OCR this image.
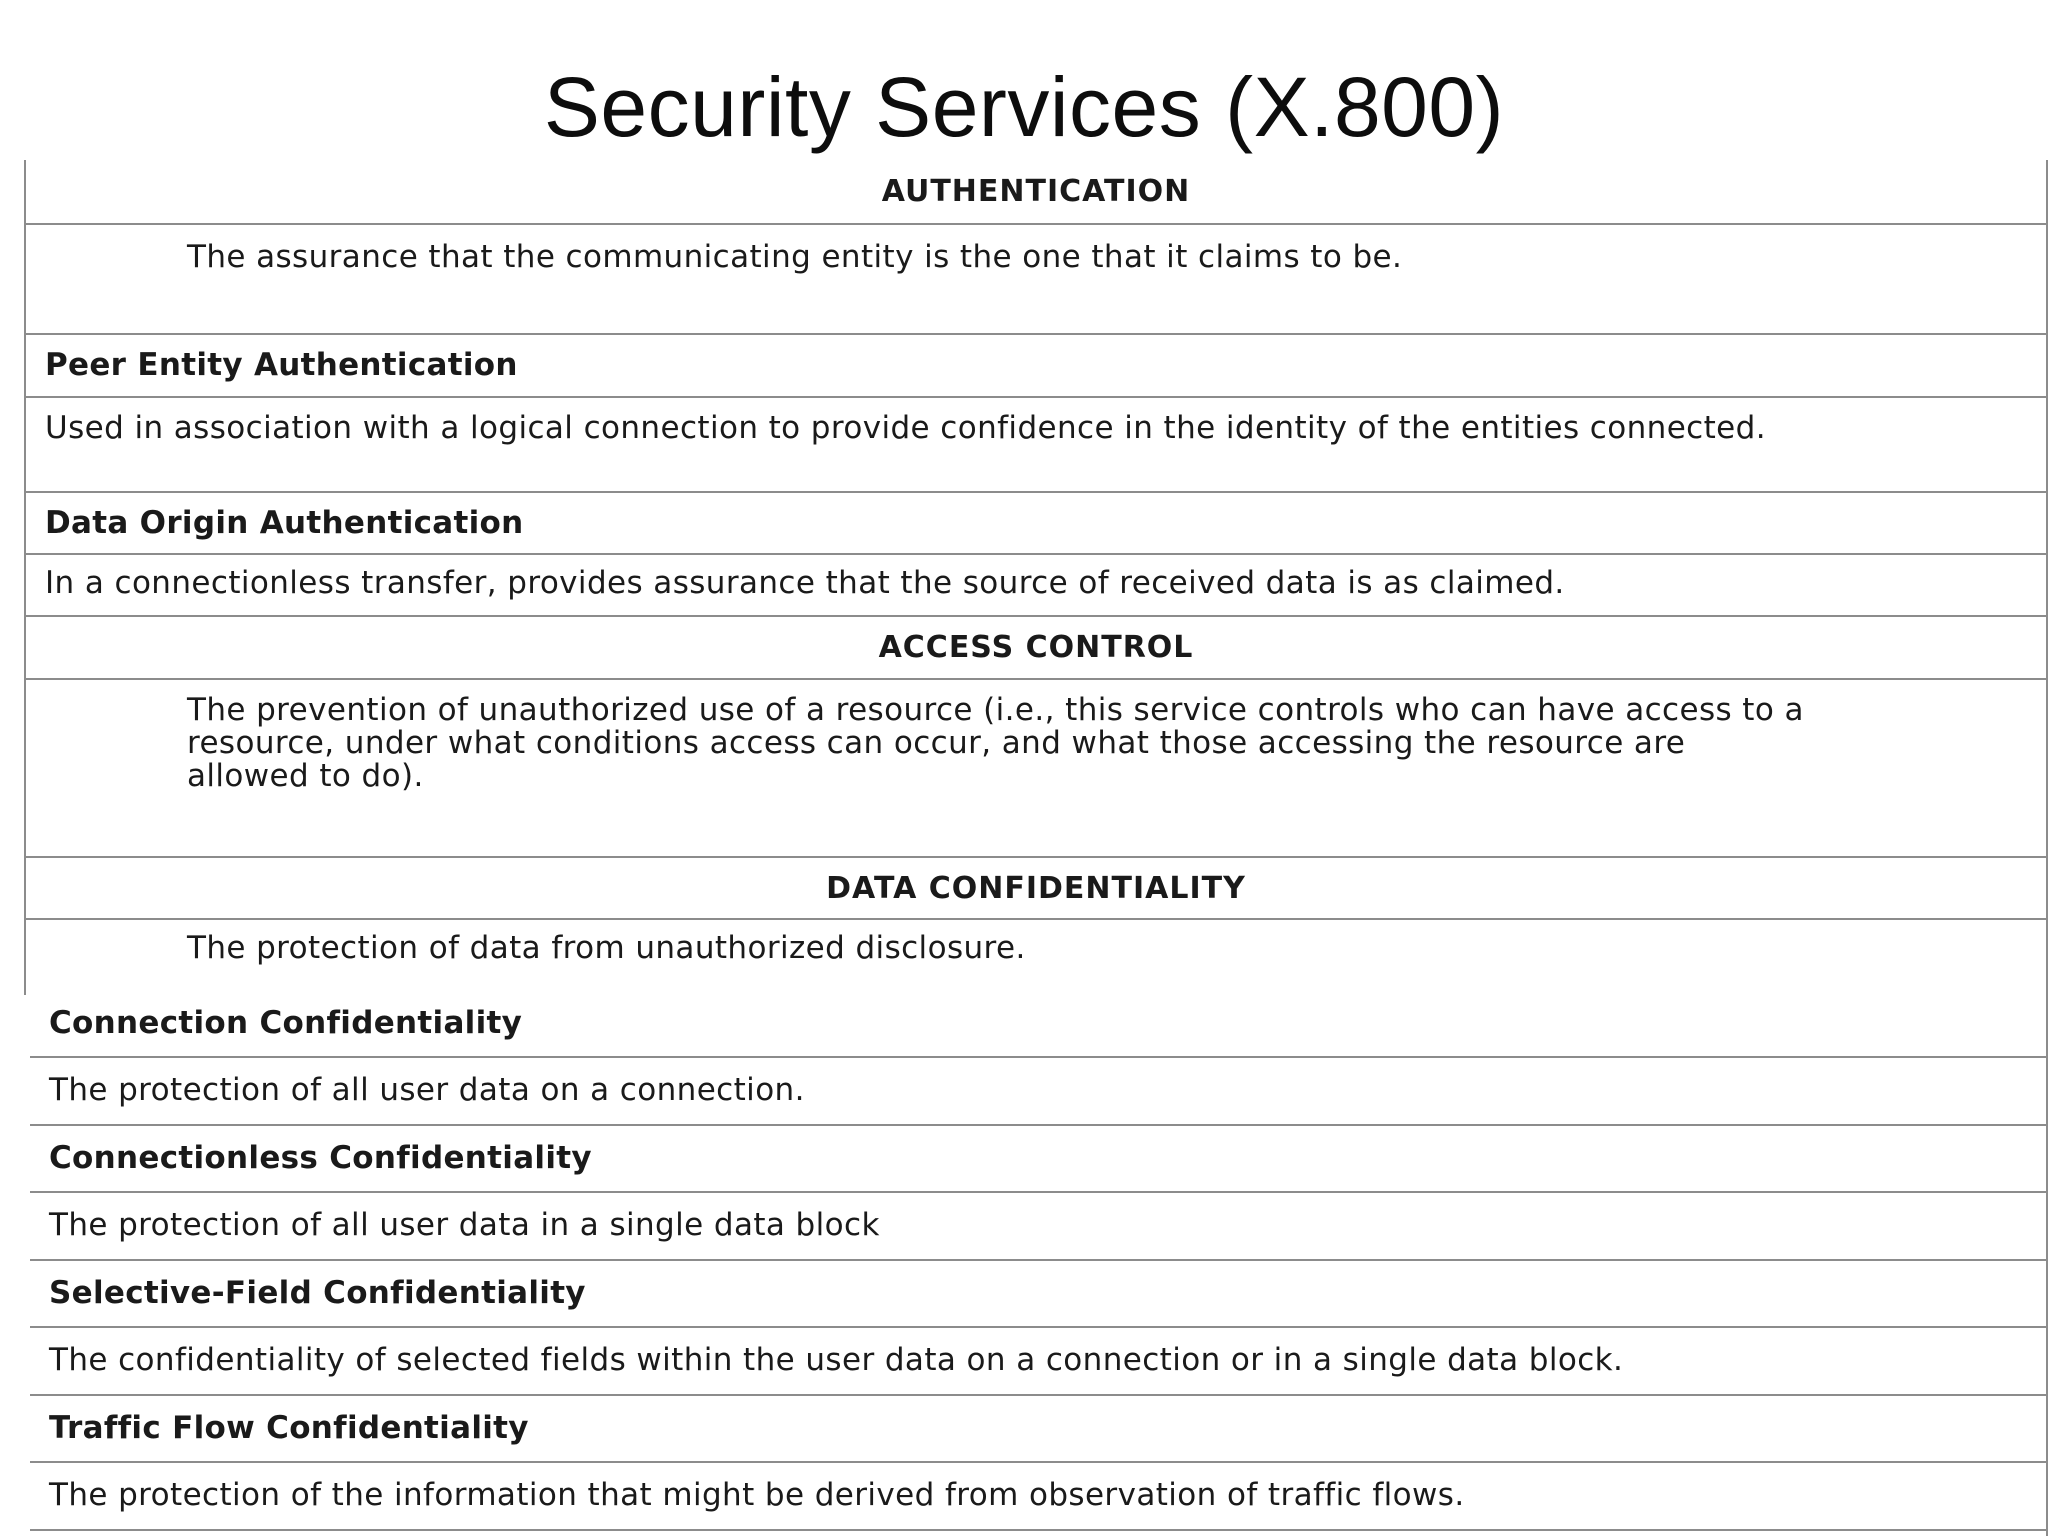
Security Services (X.800)
AUTHENTICATION
The assurance that the communicating entity is the one that it claims to be.
Peer Entity Authentication
Used in association with a logical connection to provide confidence in the identity of the entities connected.
Data Origin Authentication
In a connectionless transfer, provides assurance that the source of received data is as claimed.
ACCESS CONTROL
The prevention of unauthorized use of a resource (i.e., this service controls who can have access to a resource, under what conditions access can occur, and what those accessing the resource are allowed to do).
DATA CONFIDENTIALITY
The protection of data from unauthorized disclosure.
Connection Confidentiality
The protection of all user data on a connection.
Connectionless Confidentiality
The protection of all user data in a single data block
Selective-Field Confidentiality
The confidentiality of selected fields within the user data on a connection or in a single data block.
Traffic Flow Confidentiality
The protection of the information that might be derived from observation of traffic flows.
